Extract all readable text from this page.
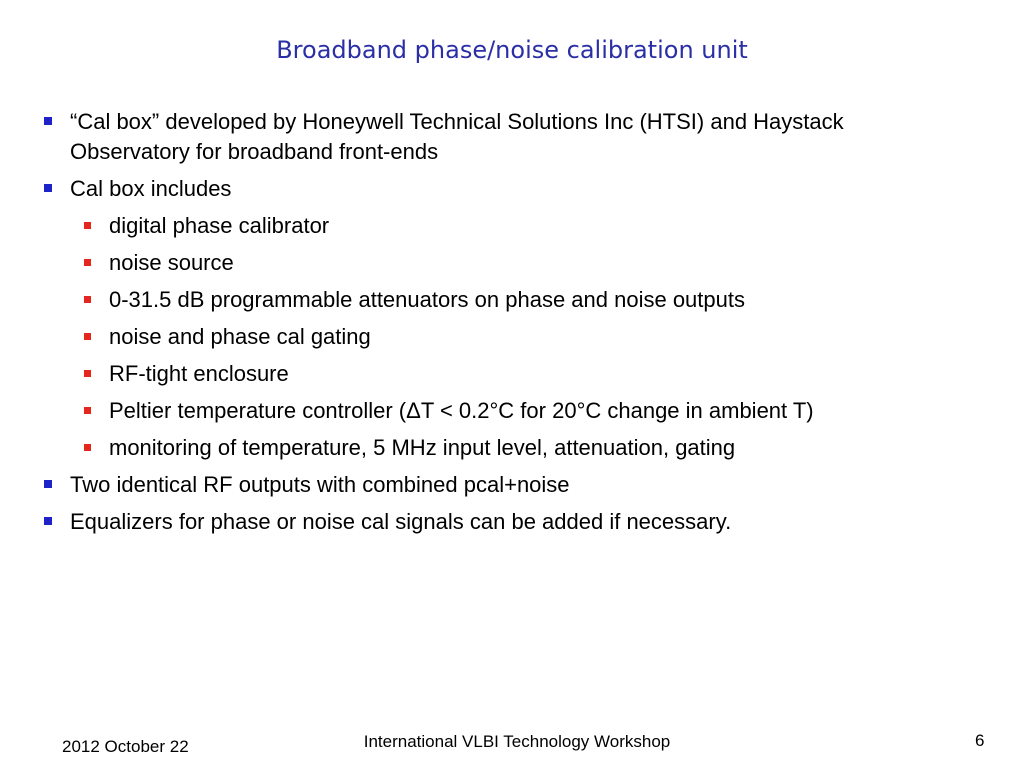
Broadband phase/noise calibration unit
“Cal box” developed by Honeywell Technical Solutions Inc (HTSI) and Haystack
Observatory for broadband front-ends
Cal box includes
digital phase calibrator
noise source
0-31.5 dB programmable attenuators on phase and noise outputs
noise and phase cal gating
RF-tight enclosure
Peltier temperature controller (ΔT < 0.2°C for 20°C change in ambient T)
monitoring of temperature, 5 MHz input level, attenuation, gating
Two identical RF outputs with combined pcal+noise
Equalizers for phase or noise cal signals can be added if necessary.

2012 October 22	International VLBI Technology Workshop	6
